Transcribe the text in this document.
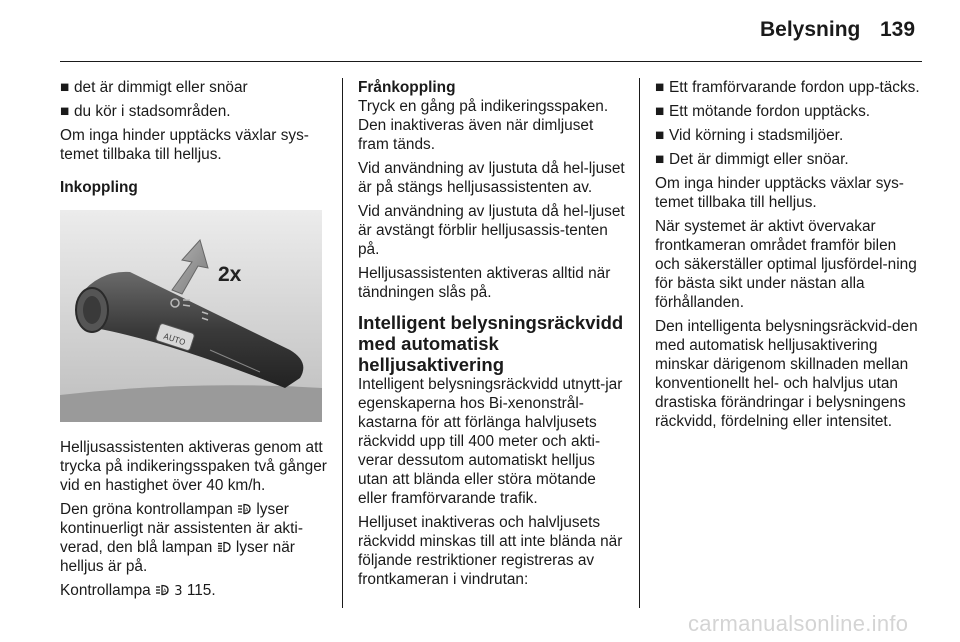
Belysning 139
■ det är dimmigt eller snöar
■ du kör i stadsområden.

Om inga hinder upptäcks växlar sys-temet tillbaka till helljus.

Inkoppling

AUTO
2x

Helljusassistenten aktiveras genom att trycka på indikeringsspaken två gånger vid en hastighet över 40 km/h.

Den gröna kontrollampan A lyser kontinuerligt när assistenten är akti-verad, den blå lampan lyser när helljus är på.

Kontrollampa A 3 115.

Frånkoppling

Tryck en gång på indikeringsspaken. Den inaktiveras även när dimljuset fram tänds.

Vid användning av ljustuta då hel-ljuset är på stängs helljusassistenten av.

Vid användning av ljustuta då hel-ljuset är avstängt förblir helljusassis-tenten på.

Helljusassistenten aktiveras alltid när tändningen slås på.

Intelligent belysningsräckvidd med automatisk helljusaktivering

Intelligent belysningsräckvidd utnytt-jar egenskaperna hos Bi-xenonstrål-kastarna för att förlänga halvljusets räckvidd upp till 400 meter och akti-verar dessutom automatiskt helljus utan att blända eller störa mötande eller framförvarande trafik.

Helljuset inaktiveras och halvljusets räckvidd minskas till att inte blända när följande restriktioner registreras av frontkameran i vindrutan:

■ Ett framförvarande fordon upp-täcks.
■ Ett mötande fordon upptäcks.
■ Vid körning i stadsmiljöer.
■ Det är dimmigt eller snöar.

Om inga hinder upptäcks växlar sys-temet tillbaka till helljus.

När systemet är aktivt övervakar frontkameran området framför bilen och säkerställer optimal ljusfördel-ning för bästa sikt under nästan alla förhållanden.

Den intelligenta belysningsräckvid-den med automatisk helljusaktivering minskar därigenom skillnaden mellan konventionellt hel- och halvljus utan drastiska förändringar i belysningens räckvidd, fördelning eller intensitet.

carmanualsonline.info
